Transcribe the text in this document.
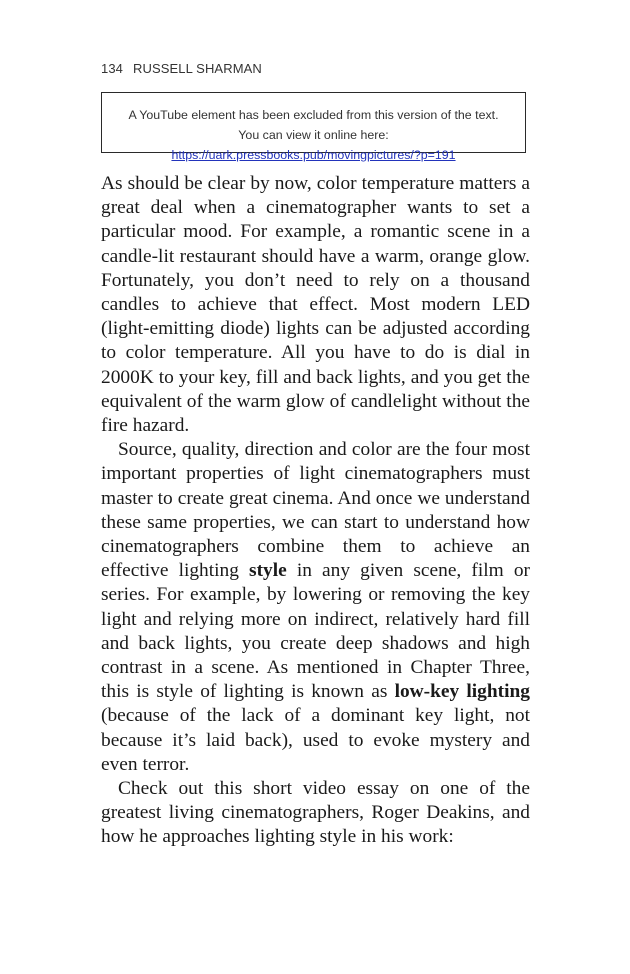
134 RUSSELL SHARMAN
A YouTube element has been excluded from this version of the text. You can view it online here: https://uark.pressbooks.pub/movingpictures/?p=191

As should be clear by now, color temperature matters a great deal when a cinematographer wants to set a particular mood. For example, a romantic scene in a candle-lit restaurant should have a warm, orange glow. Fortunately, you don’t need to rely on a thousand candles to achieve that effect. Most modern LED (light-emitting diode) lights can be adjusted according to color temperature. All you have to do is dial in 2000K to your key, fill and back lights, and you get the equivalent of the warm glow of candlelight without the fire hazard.

Source, quality, direction and color are the four most important properties of light cinematographers must master to create great cinema. And once we understand these same properties, we can start to understand how cinematographers combine them to achieve an effective lighting style in any given scene, film or series. For example, by lowering or removing the key light and relying more on indirect, relatively hard fill and back lights, you create deep shadows and high contrast in a scene. As mentioned in Chapter Three, this is style of lighting is known as low-key lighting (because of the lack of a dominant key light, not because it’s laid back), used to evoke mystery and even terror.

Check out this short video essay on one of the greatest living cinematographers, Roger Deakins, and how he approaches lighting style in his work:
